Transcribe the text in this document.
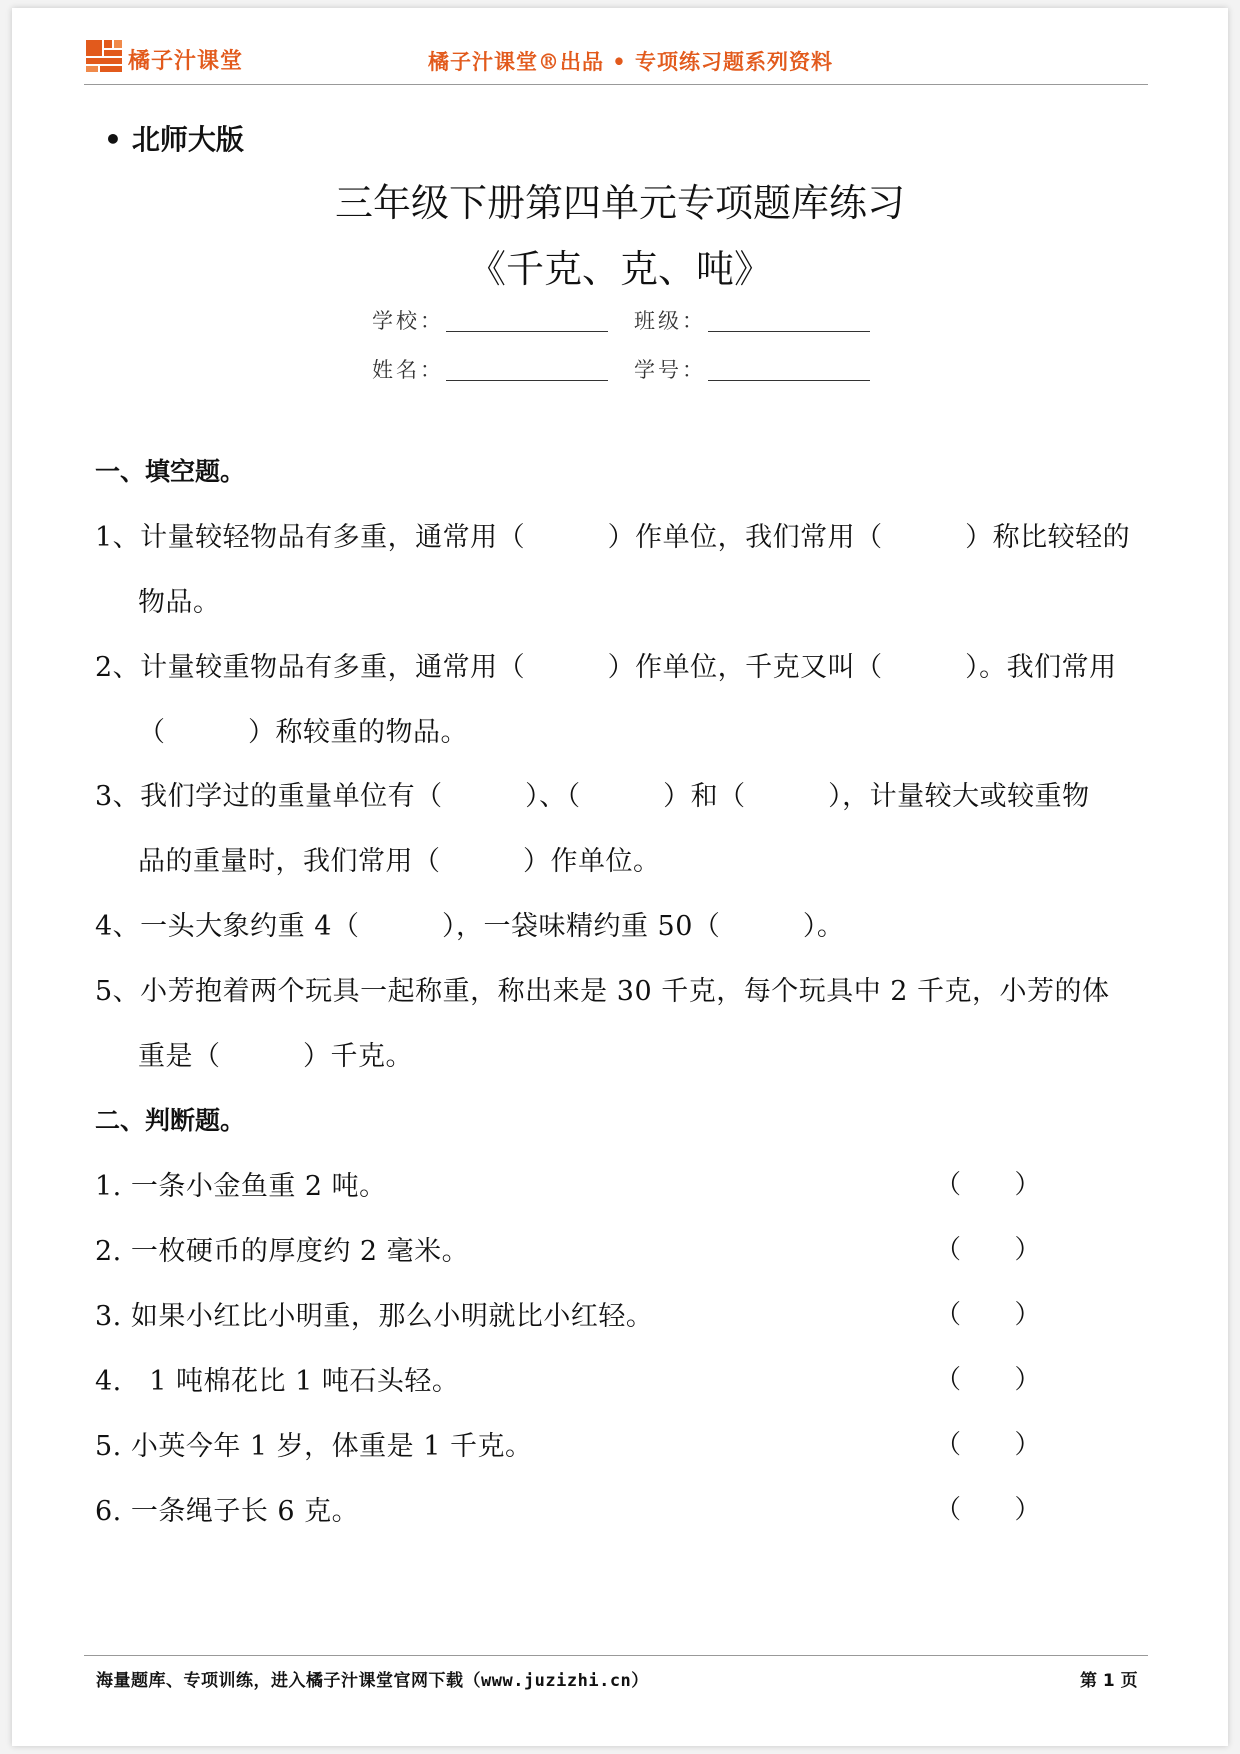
橘子汁课堂	橘子汁课堂®出品 • 专项练习题系列资料
• 北师大版
三年级下册第四单元专项题库练习
《千克、克、吨》
学校：	班级：
姓名：	学号：
一、填空题。
1、计量较轻物品有多重，通常用（　　　）作单位，我们常用（　　　）称比较轻的
物品。
2、计量较重物品有多重，通常用（　　　）作单位，千克又叫（　　　）。我们常用
（　　　）称较重的物品。
3、我们学过的重量单位有（　　　）、（　　　）和（　　　），计量较大或较重物
品的重量时，我们常用（　　　）作单位。
4、一头大象约重 4（　　　），一袋味精约重 50（　　　）。
5、小芳抱着两个玩具一起称重，称出来是 30 千克，每个玩具中 2 千克，小芳的体
重是（　　　）千克。
二、判断题。
1. 一条小金鱼重 2 吨。	（　　）
2. 一枚硬币的厚度约 2 毫米。	（　　）
3. 如果小红比小明重，那么小明就比小红轻。	（　　）
4.　1 吨棉花比 1 吨石头轻。	（　　）
5. 小英今年 1 岁，体重是 1 千克。	（　　）
6. 一条绳子长 6 克。	（　　）
海量题库、专项训练，进入橘子汁课堂官网下载（www.juzizhi.cn）	第 1 页
